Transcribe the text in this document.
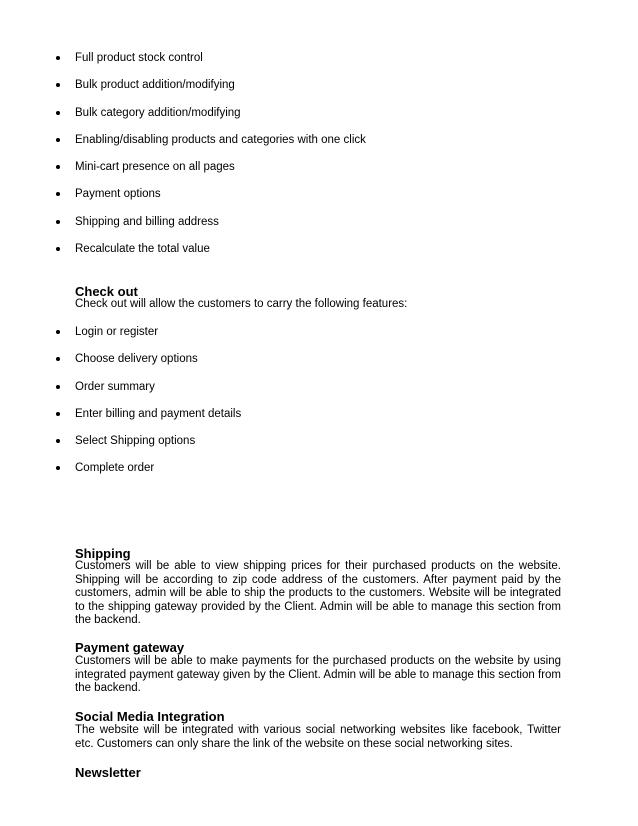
Full product stock control
Bulk product addition/modifying
Bulk category addition/modifying
Enabling/disabling products and categories with one click
Mini-cart presence on all pages
Payment options
Shipping and billing address
Recalculate the total value
Check out
Check out will allow the customers to carry the following features:
Login or register
Choose delivery options
Order summary
Enter billing and payment details
Select Shipping options
Complete order
Shipping
Customers will be able to view shipping prices for their purchased products on the website. Shipping will be according to zip code address of the customers. After payment paid by the customers, admin will be able to ship the products to the customers. Website will be integrated to the shipping gateway provided by the Client. Admin will be able to manage this section from the backend.
Payment gateway
Customers will be able to make payments for the purchased products on the website by using integrated payment gateway given by the Client. Admin will be able to manage this section from the backend.
Social Media Integration
The website will be integrated with various social networking websites like facebook, Twitter etc. Customers can only share the link of the website on these social networking sites.
Newsletter
